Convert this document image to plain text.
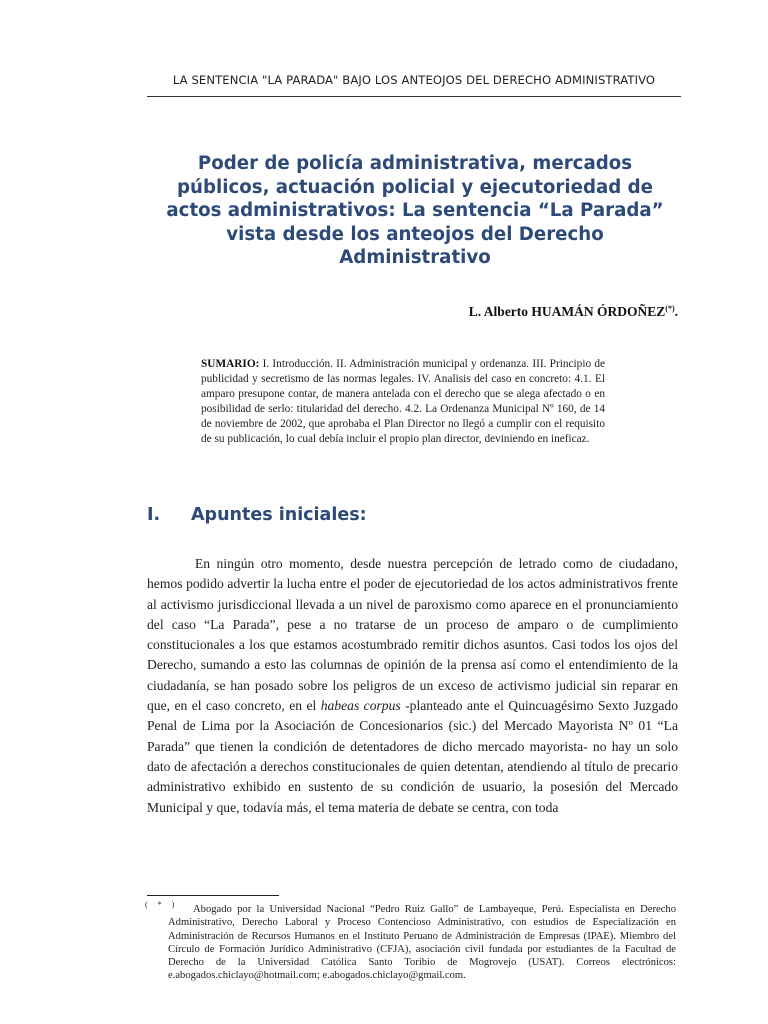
LA SENTENCIA "LA PARADA" BAJO LOS ANTEOJOS DEL DERECHO ADMINISTRATIVO
Poder de policía administrativa, mercados públicos, actuación policial y ejecutoriedad de actos administrativos: La sentencia “La Parada” vista desde los anteojos del Derecho Administrativo
L. Alberto HUAMÁN ÓRDOÑEZ(*).

SUMARIO: I. Introducción. II. Administración municipal y ordenanza. III. Principio de publicidad y secretismo de las normas legales. IV. Analisis del caso en concreto: 4.1. El amparo presupone contar, de manera antelada con el derecho que se alega afectado o en posibilidad de serlo: titularidad del derecho. 4.2. La Ordenanza Municipal Nº 160, de 14 de noviembre de 2002, que aprobaba el Plan Director no llegó a cumplir con el requisito de su publicación, lo cual debía incluir el propio plan director, deviniendo en ineficaz.

I. Apuntes iniciales:

En ningún otro momento, desde nuestra percepción de letrado como de ciudadano, hemos podido advertir la lucha entre el poder de ejecutoriedad de los actos administrativos frente al activismo jurisdiccional llevada a un nivel de paroxismo como aparece en el pronunciamiento del caso “La Parada”, pese a no tratarse de un proceso de amparo o de cumplimiento constitucionales a los que estamos acostumbrado remitir dichos asuntos. Casi todos los ojos del Derecho, sumando a esto las columnas de opinión de la prensa así como el entendimiento de la ciudadanía, se han posado sobre los peligros de un exceso de activismo judicial sin reparar en que, en el caso concreto, en el habeas corpus -planteado ante el Quincuagésimo Sexto Juzgado Penal de Lima por la Asociación de Concesionarios (sic.) del Mercado Mayorista Nº 01 “La Parada” que tienen la condición de detentadores de dicho mercado mayorista- no hay un solo dato de afectación a derechos constitucionales de quien detentan, atendiendo al título de precario administrativo exhibido en sustento de su condición de usuario, la posesión del Mercado Municipal y que, todavía más, el tema materia de debate se centra, con toda

(*) Abogado por la Universidad Nacional “Pedro Ruiz Gallo” de Lambayeque, Perú. Especialista en Derecho Administrativo, Derecho Laboral y Proceso Contencioso Administrativo, con estudios de Especialización en Administración de Recursos Humanos en el Instituto Peruano de Administración de Empresas (IPAE). Miembro del Círculo de Formación Jurídico Administrativo (CFJA), asociación civil fundada por estudiantes de la Facultad de Derecho de la Universidad Católica Santo Toribio de Mogrovejo (USAT). Correos electrónicos: e.abogados.chiclayo@hotmail.com; e.abogados.chiclayo@gmail.com.
